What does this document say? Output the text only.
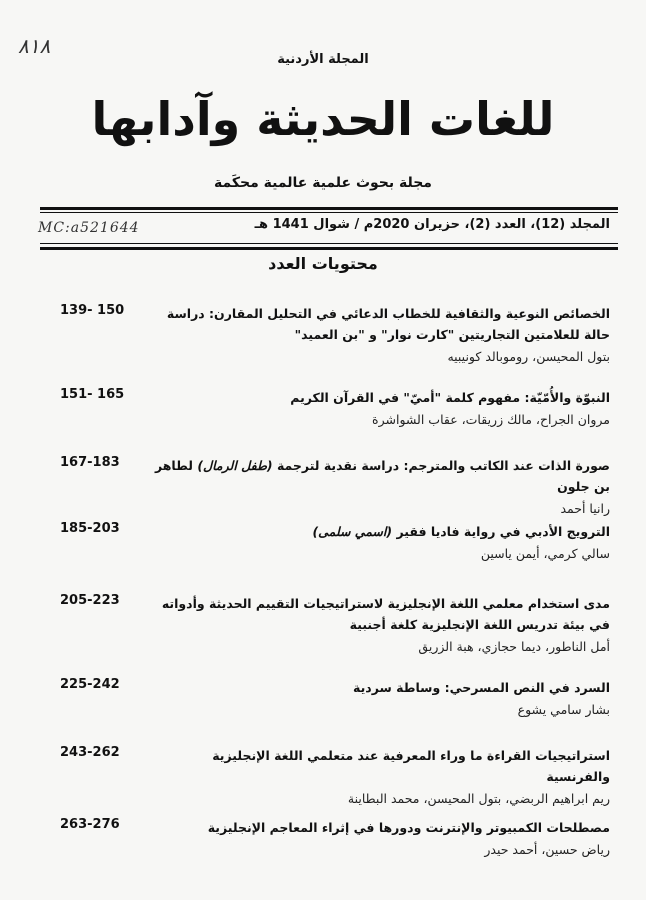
٨١٨
MC:a521644
المجلة الأردنية
للغات الحديثة وآدابها
مجلة بحوث علمية عالمية محكَمة
المجلد (12)، العدد (2)، حزيران 2020م / شوال 1441 هـ
محتويات العدد
139- 150	الخصائص النوعية والثقافية للخطاب الدعائي في التحليل المقارن: دراسة حالة للعلامتين التجاريتين "كارت نوار" و "بن العميد"
بتول المحيسن، روموبالد كونيبيه
151- 165	النبوّة والأُمّيّة: مفهوم كلمة "أميّ" في القرآن الكريم
مروان الجراح، مالك زريقات، عقاب الشواشرة
167-183	صورة الذات عند الكاتب والمترجم: دراسة نقدية لترجمة (طفل الرمال) لطاهر بن جلون
رانيا أحمد
185-203	الترويج الأدبي في رواية فاديا فقير (اسمي سلمى)
سالي كرمي، أيمن ياسين
205-223	مدى استخدام معلمي اللغة الإنجليزية لاستراتيجيات التقييم الحديثة وأدواته في بيئة تدريس اللغة الإنجليزية كلغة أجنبية
أمل الناطور، ديما حجازي، هبة الزريق
225-242	السرد في النص المسرحي: وساطة سردية
بشار سامي يشوع
243-262	استراتيجيات القراءة ما وراء المعرفية عند متعلمي اللغة الإنجليزية والفرنسية
ريم ابراهيم الربضي، بتول المحيسن، محمد البطاينة
263-276	مصطلحات الكمبيوتر والإنترنت ودورها في إثراء المعاجم الإنجليزية
رياض حسين، أحمد حيدر
